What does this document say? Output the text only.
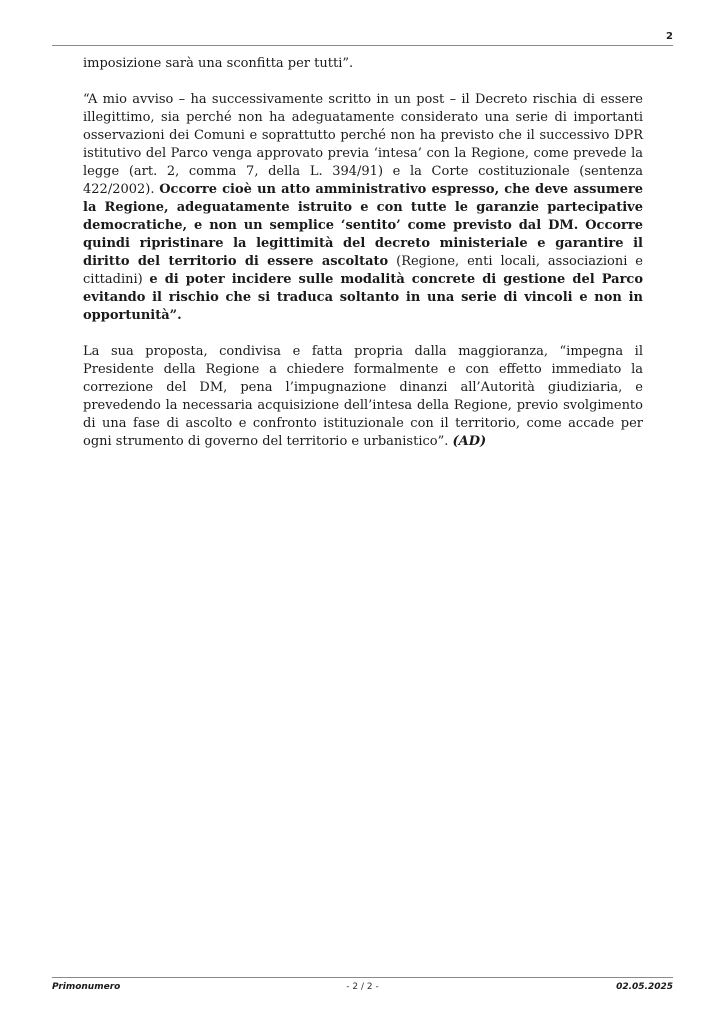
2

imposizione sarà una sconfitta per tutti”.

“A mio avviso – ha successivamente scritto in un post – il Decreto rischia di essere illegittimo, sia perché non ha adeguatamente considerato una serie di importanti osservazioni dei Comuni e soprattutto perché non ha previsto che il successivo DPR istitutivo del Parco venga approvato previa ‘intesa’ con la Regione, come prevede la legge (art. 2, comma 7, della L. 394/91) e la Corte costituzionale (sentenza 422/2002). Occorre cioè un atto amministrativo espresso, che deve assumere la Regione, adeguatamente istruito e con tutte le garanzie partecipative democratiche, e non un semplice ‘sentito’ come previsto dal DM. Occorre quindi ripristinare la legittimità del decreto ministeriale e garantire il diritto del territorio di essere ascoltato (Regione, enti locali, associazioni e cittadini) e di poter incidere sulle modalità concrete di gestione del Parco evitando il rischio che si traduca soltanto in una serie di vincoli e non in opportunità”.

La sua proposta, condivisa e fatta propria dalla maggioranza, “impegna il Presidente della Regione a chiedere formalmente e con effetto immediato la correzione del DM, pena l’impugnazione dinanzi all’Autorità giudiziaria, e prevedendo la necessaria acquisizione dell’intesa della Regione, previo svolgimento di una fase di ascolto e confronto istituzionale con il territorio, come accade per ogni strumento di governo del territorio e urbanistico”. (AD)

Primonumero	- 2 / 2 -	02.05.2025
